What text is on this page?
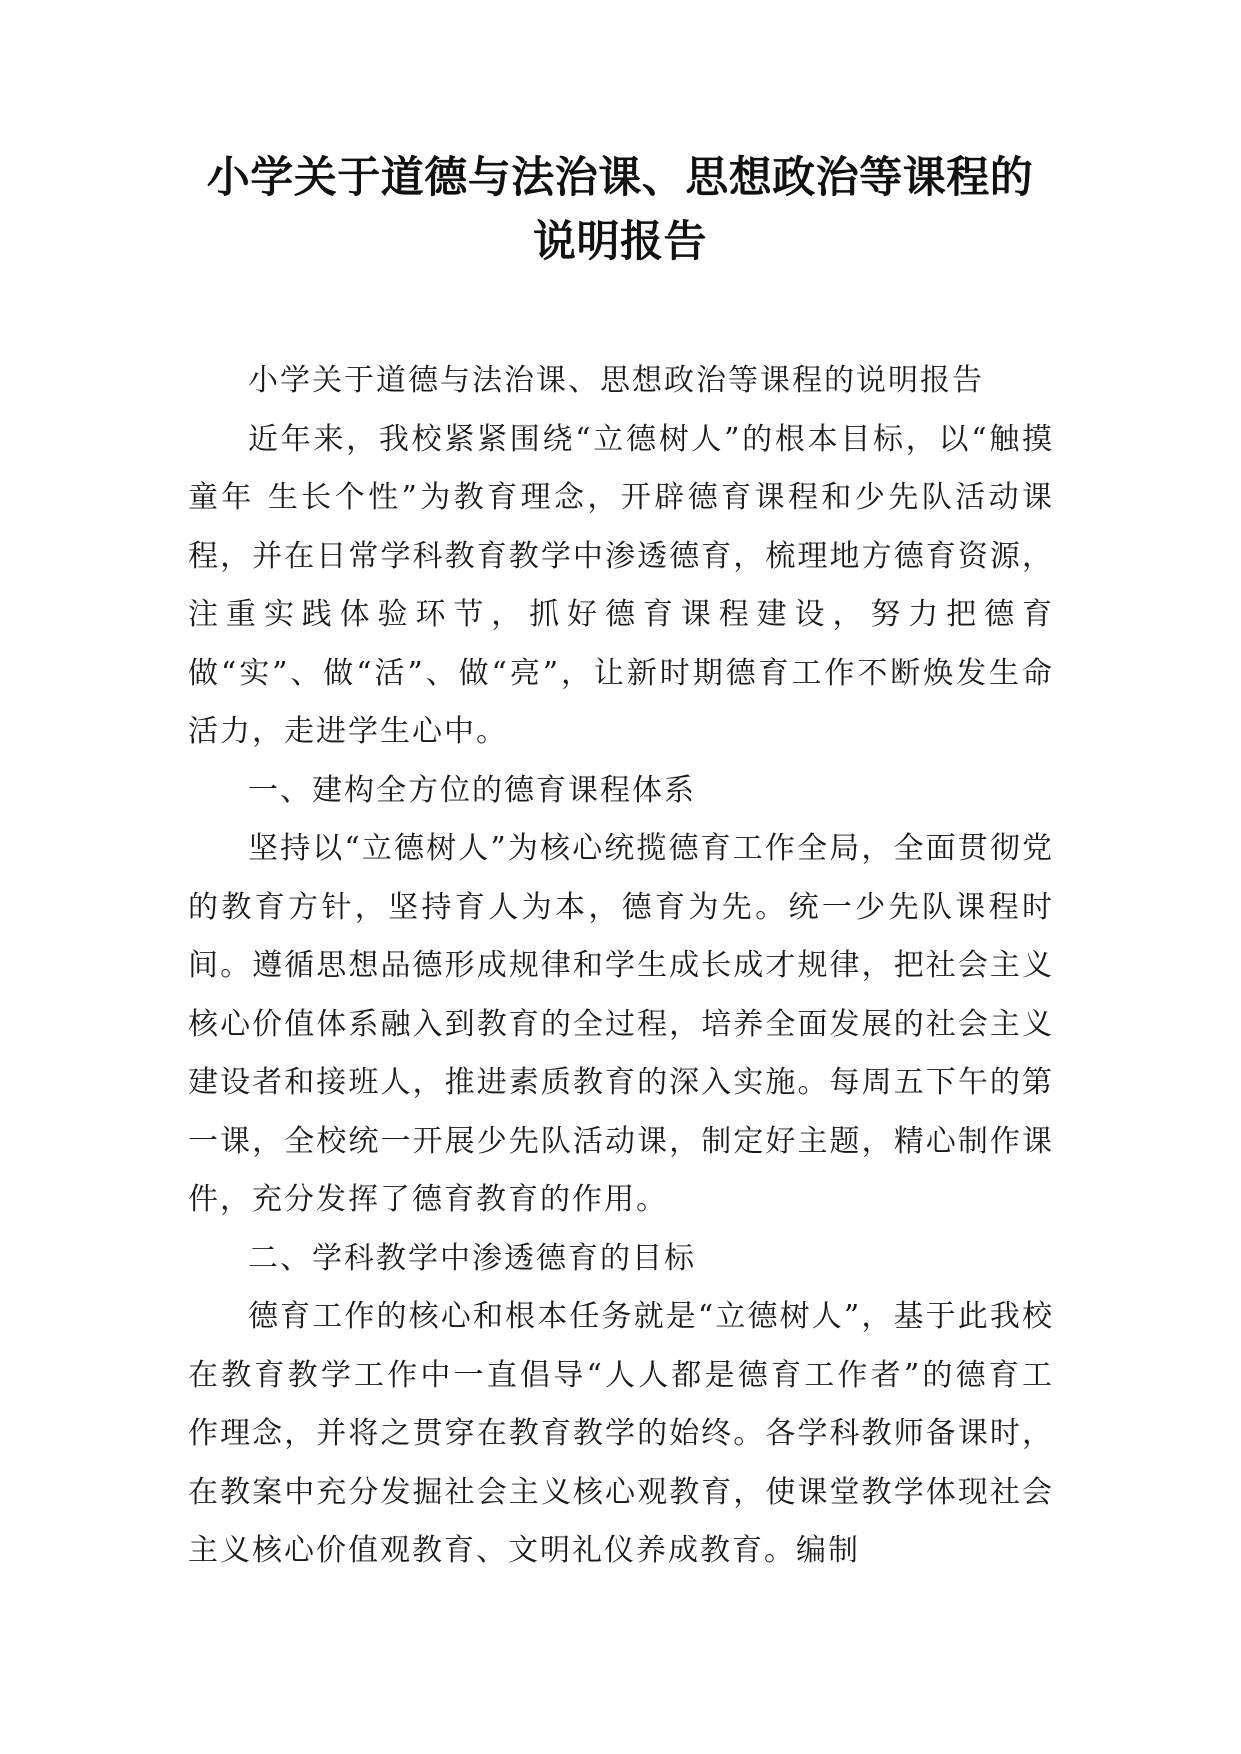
小学关于道德与法治课、思想政治等课程的
说明报告

小学关于道德与法治课、思想政治等课程的说明报告

近年来，我校紧紧围绕“立德树人”的根本目标，以“触摸童年 生长个性”为教育理念，开辟德育课程和少先队活动课程，并在日常学科教育教学中渗透德育，梳理地方德育资源，注重实践体验环节，抓好德育课程建设，努力把德育做“实”、做“活”、做“亮”，让新时期德育工作不断焕发生命活力，走进学生心中。

一、建构全方位的德育课程体系

坚持以“立德树人”为核心统揽德育工作全局，全面贯彻党的教育方针，坚持育人为本，德育为先。统一少先队课程时间。遵循思想品德形成规律和学生成长成才规律，把社会主义核心价值体系融入到教育的全过程，培养全面发展的社会主义建设者和接班人，推进素质教育的深入实施。每周五下午的第一课，全校统一开展少先队活动课，制定好主题，精心制作课件，充分发挥了德育教育的作用。

二、学科教学中渗透德育的目标

德育工作的核心和根本任务就是“立德树人”，基于此我校在教育教学工作中一直倡导“人人都是德育工作者”的德育工作理念，并将之贯穿在教育教学的始终。各学科教师备课时，在教案中充分发掘社会主义核心观教育，使课堂教学体现社会主义核心价值观教育、文明礼仪养成教育。编制
